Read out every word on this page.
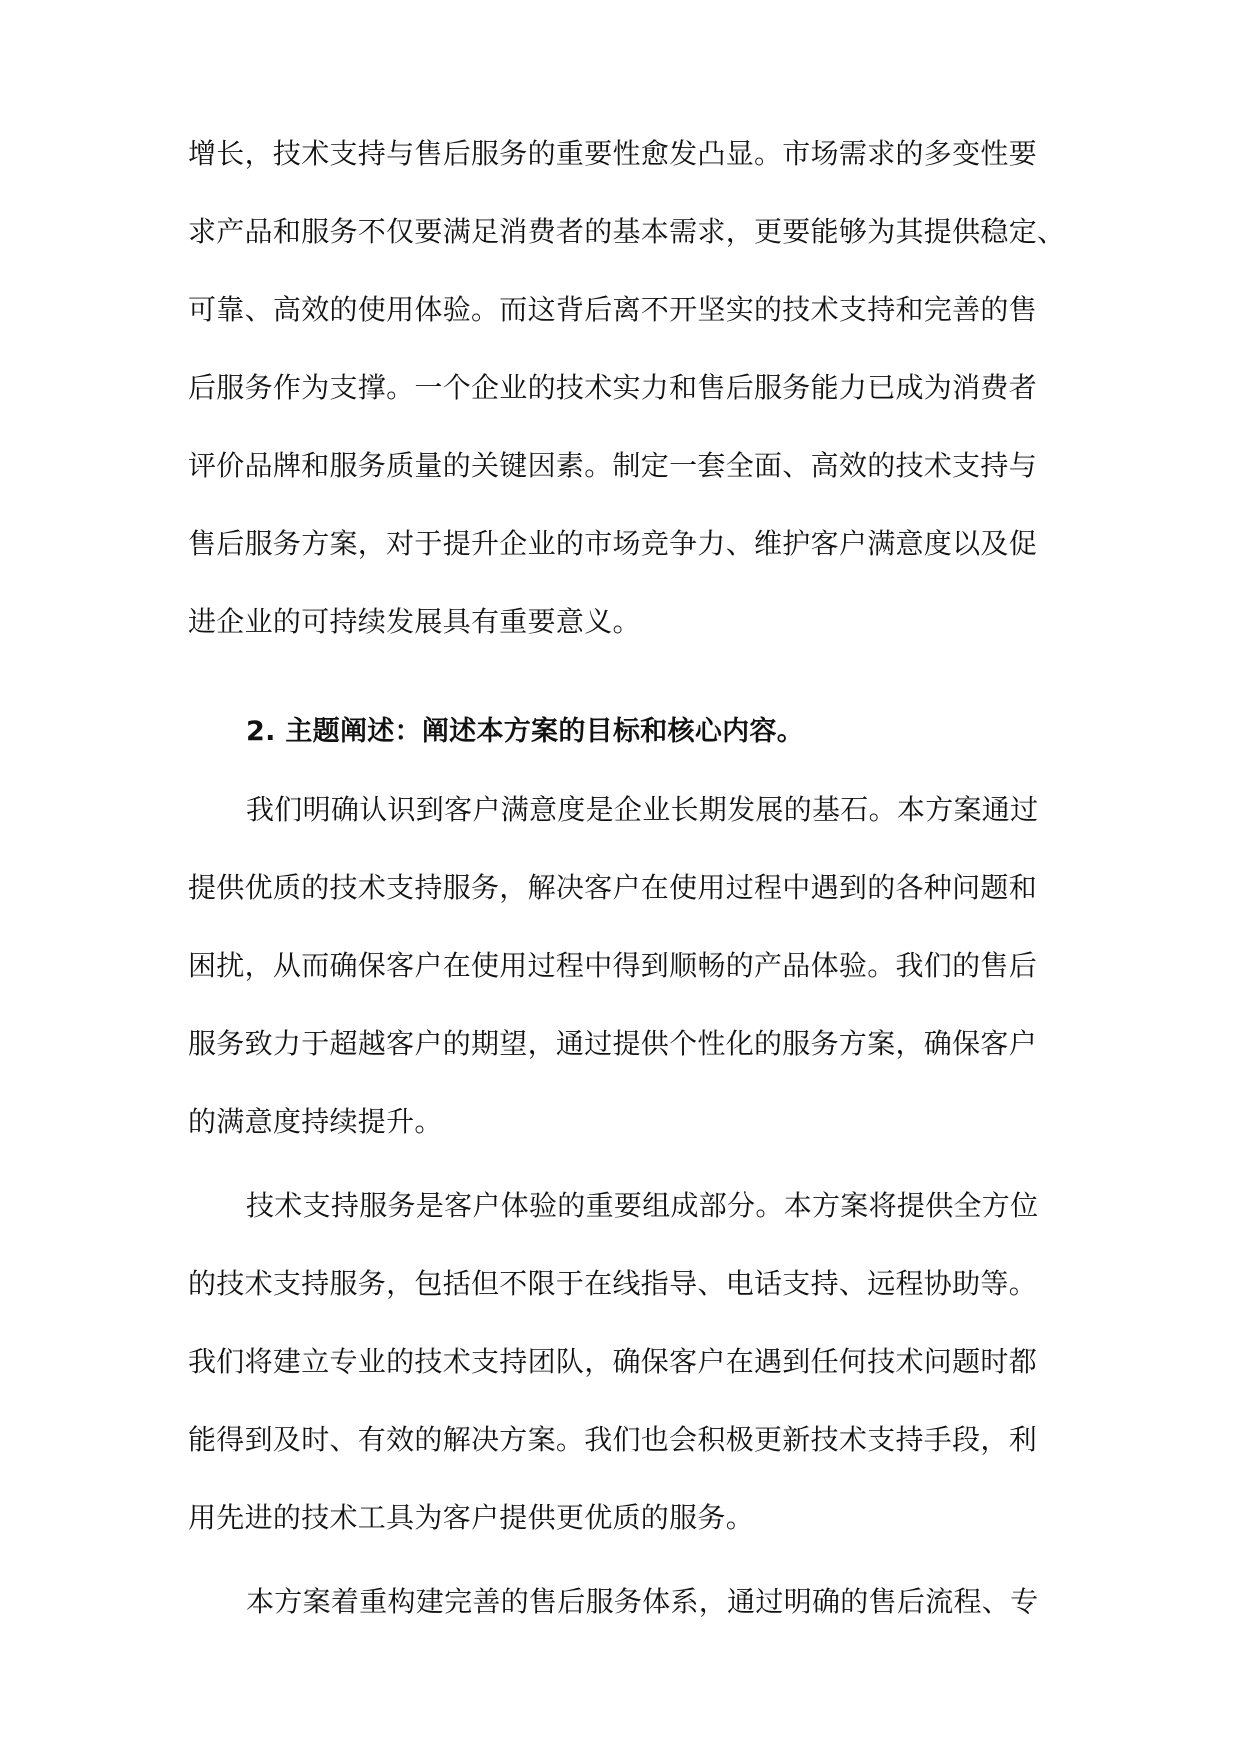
增长，技术支持与售后服务的重要性愈发凸显。市场需求的多变性要
求产品和服务不仅要满足消费者的基本需求，更要能够为其提供稳定、
可靠、高效的使用体验。而这背后离不开坚实的技术支持和完善的售
后服务作为支撑。一个企业的技术实力和售后服务能力已成为消费者
评价品牌和服务质量的关键因素。制定一套全面、高效的技术支持与
售后服务方案，对于提升企业的市场竞争力、维护客户满意度以及促
进企业的可持续发展具有重要意义。
2. 主题阐述：阐述本方案的目标和核心内容。
我们明确认识到客户满意度是企业长期发展的基石。本方案通过
提供优质的技术支持服务，解决客户在使用过程中遇到的各种问题和
困扰，从而确保客户在使用过程中得到顺畅的产品体验。我们的售后
服务致力于超越客户的期望，通过提供个性化的服务方案，确保客户
的满意度持续提升。
技术支持服务是客户体验的重要组成部分。本方案将提供全方位
的技术支持服务，包括但不限于在线指导、电话支持、远程协助等。
我们将建立专业的技术支持团队，确保客户在遇到任何技术问题时都
能得到及时、有效的解决方案。我们也会积极更新技术支持手段，利
用先进的技术工具为客户提供更优质的服务。
本方案着重构建完善的售后服务体系，通过明确的售后流程、专
